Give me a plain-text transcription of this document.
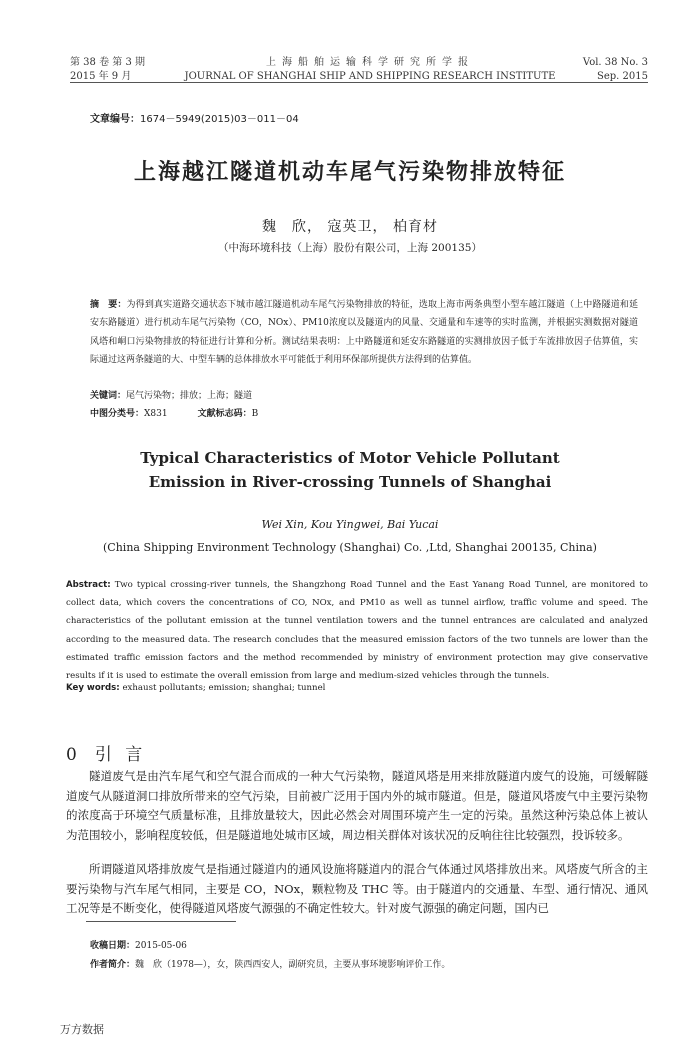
第 38 卷 第 3 期
2015 年 9 月
上海船舶运输科学研究所学报
JOURNAL OF SHANGHAI SHIP AND SHIPPING RESEARCH INSTITUTE
Vol. 38 No. 3
Sep. 2015
文章编号：1674－5949(2015)03－011－04
上海越江隧道机动车尾气污染物排放特征
魏　欣， 寇英卫， 柏育材
（中海环境科技（上海）股份有限公司，上海 200135）
摘　要：为得到真实道路交通状态下城市越江隧道机动车尾气污染物排放的特征，选取上海市两条典型小型车越江隧道（上中路隧道和延安东路隧道）进行机动车尾气污染物（CO，NOx）、PM10浓度以及隧道内的风量、交通量和车速等的实时监测，并根据实测数据对隧道风塔和峒口污染物排放的特征进行计算和分析。测试结果表明：上中路隧道和延安东路隧道的实测排放因子低于车流排放因子估算值，实际通过这两条隧道的大、中型车辆的总体排放水平可能低于利用环保部所提供方法得到的估算值。
关键词：尾气污染物；排放；上海；隧道
中图分类号：X831	文献标志码：B
Typical Characteristics of Motor Vehicle Pollutant
Emission in River-crossing Tunnels of Shanghai
Wei Xin, Kou Yingwei, Bai Yucai
(China Shipping Environment Technology (Shanghai) Co. ,Ltd, Shanghai 200135, China)
Abstract: Two typical crossing-river tunnels, the Shangzhong Road Tunnel and the East Yanang Road Tunnel, are monitored to collect data, which covers the concentrations of CO, NOx, and PM10 as well as tunnel airflow, traffic volume and speed. The characteristics of the pollutant emission at the tunnel ventilation towers and the tunnel entrances are calculated and analyzed according to the measured data. The research concludes that the measured emission factors of the two tunnels are lower than the estimated traffic emission factors and the method recommended by ministry of environment protection may give conservative results if it is used to estimate the overall emission from large and medium-sized vehicles through the tunnels.
Key words: exhaust pollutants; emission; shanghai; tunnel
0 引 言
隧道废气是由汽车尾气和空气混合而成的一种大气污染物，隧道风塔是用来排放隧道内废气的设施，可缓解隧道废气从隧道洞口排放所带来的空气污染，目前被广泛用于国内外的城市隧道。但是，隧道风塔废气中主要污染物的浓度高于环境空气质量标准，且排放量较大，因此必然会对周围环境产生一定的污染。虽然这种污染总体上被认为范围较小，影响程度较低，但是隧道地处城市区域，周边相关群体对该状况的反响往往比较强烈，投诉较多。
所谓隧道风塔排放废气是指通过隧道内的通风设施将隧道内的混合气体通过风塔排放出来。风塔废气所含的主要污染物与汽车尾气相同，主要是 CO，NOx，颗粒物及 THC 等。由于隧道内的交通量、车型、通行情况、通风工况等是不断变化，使得隧道风塔废气源强的不确定性较大。针对废气源强的确定问题，国内已
收稿日期：2015-05-06
作者简介：魏　欣（1978—），女，陕西西安人，副研究员，主要从事环境影响评价工作。
万方数据
